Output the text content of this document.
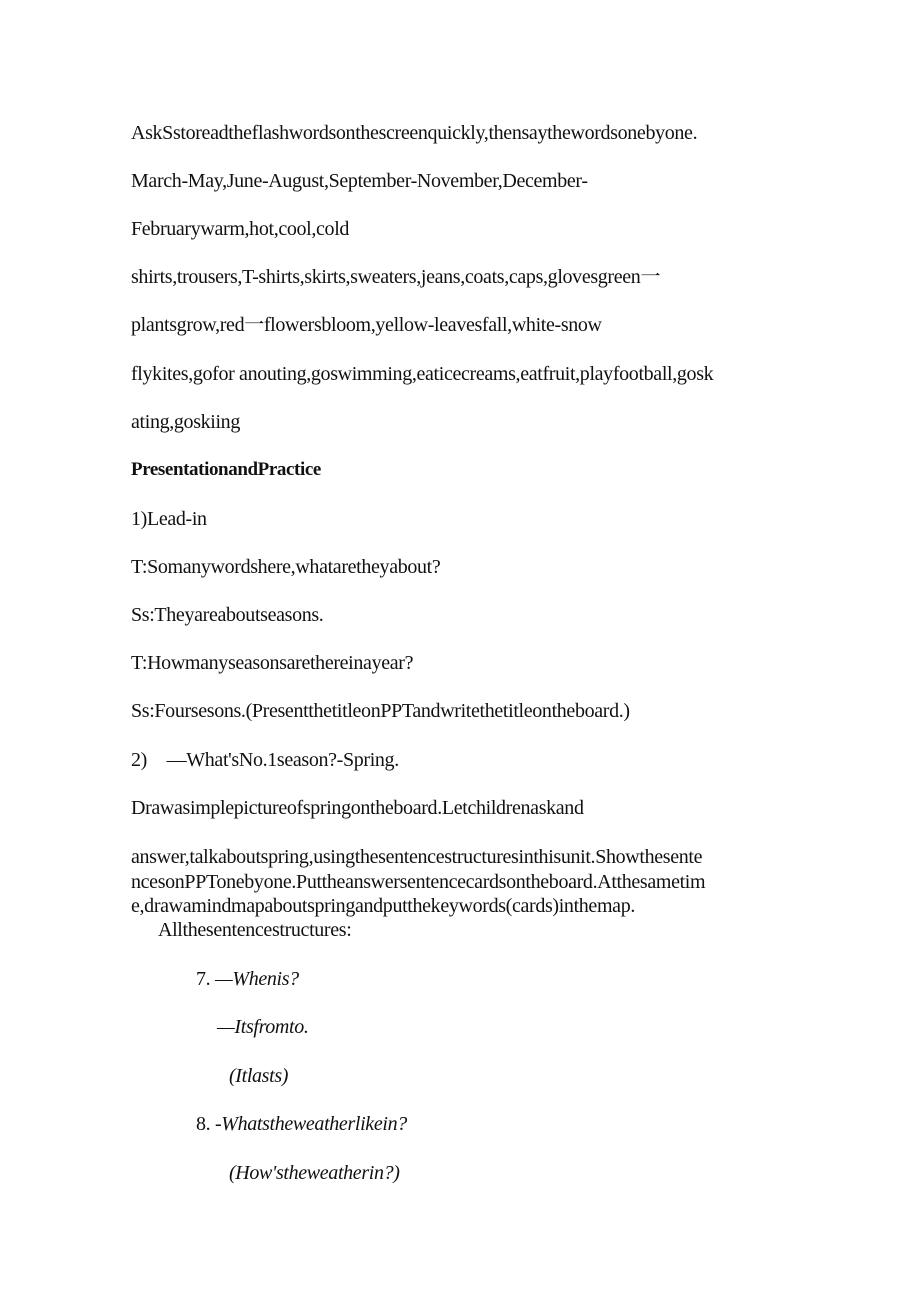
AskSstoreadtheflashwordsonthescreenquickly,thensaythewordsonebyone.
March-May,June-August,September-November,December-
Februarywarm,hot,cool,cold
shirts,trousers,T-shirts,skirts,sweaters,jeans,coats,caps,glovesgreen一
plantsgrow,red一flowersbloom,yellow-leavesfall,white-snow
flykites,gofor anouting,goswimming,eaticecreams,eatfruit,playfootball,gosk
ating,goskiing
PresentationandPractice
1)Lead-in
T:Somanywordshere,whataretheyabout?
Ss:Theyareaboutseasons.
T:Howmanyseasonsarethereinayear?
Ss:Foursesons.(PresentthetitleonPPTandwritethetitleontheboard.)
2) —What'sNo.1season?-Spring.
Drawasimplepictureofspringontheboard.Letchildrenaskand
answer,talkaboutspring,usingthesentencestructuresinthisunit.Showthesente
ncesonPPTonebyone.Puttheanswersentencecardsontheboard.Atthesametim
e,drawamindmapaboutspringandputthekeywords(cards)inthemap.
Allthesentencestructures:
7. —Whenis?
—Itsfromto.
(Itlasts)
8. -Whatstheweatherlikein?
(How'stheweatherin?)
